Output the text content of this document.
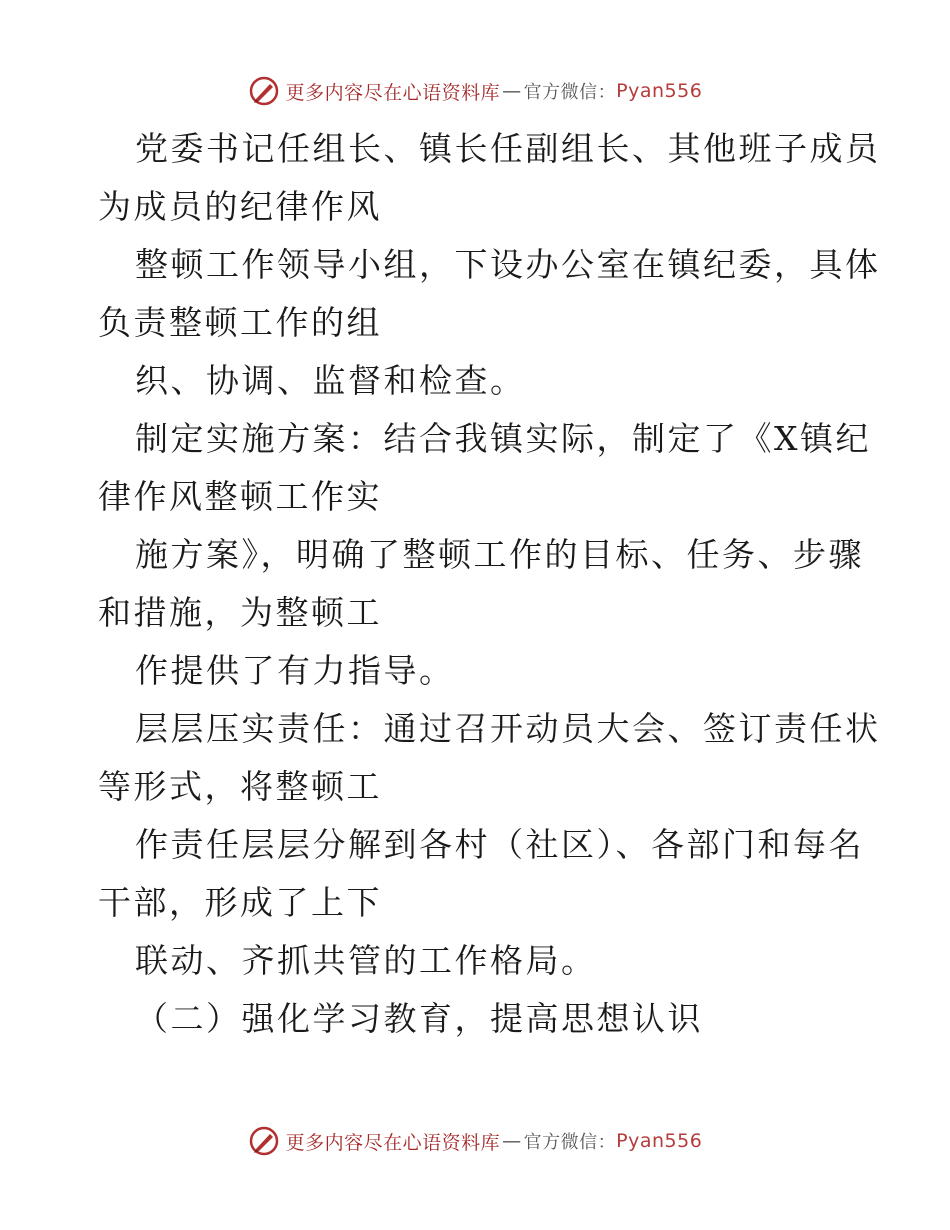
更多内容尽在心语资料库 — 官方微信： Pyan556

党委书记任组长、镇长任副组长、其他班子成员

为成员的纪律作风

整顿工作领导小组，下设办公室在镇纪委，具体

负责整顿工作的组

织、协调、监督和检查。

制定实施方案：结合我镇实际，制定了《X镇纪

律作风整顿工作实

施方案》，明确了整顿工作的目标、任务、步骤

和措施，为整顿工

作提供了有力指导。

层层压实责任：通过召开动员大会、签订责任状

等形式，将整顿工

作责任层层分解到各村（社区）、各部门和每名

干部，形成了上下

联动、齐抓共管的工作格局。

（二）强化学习教育，提高思想认识

更多内容尽在心语资料库 — 官方微信： Pyan556
